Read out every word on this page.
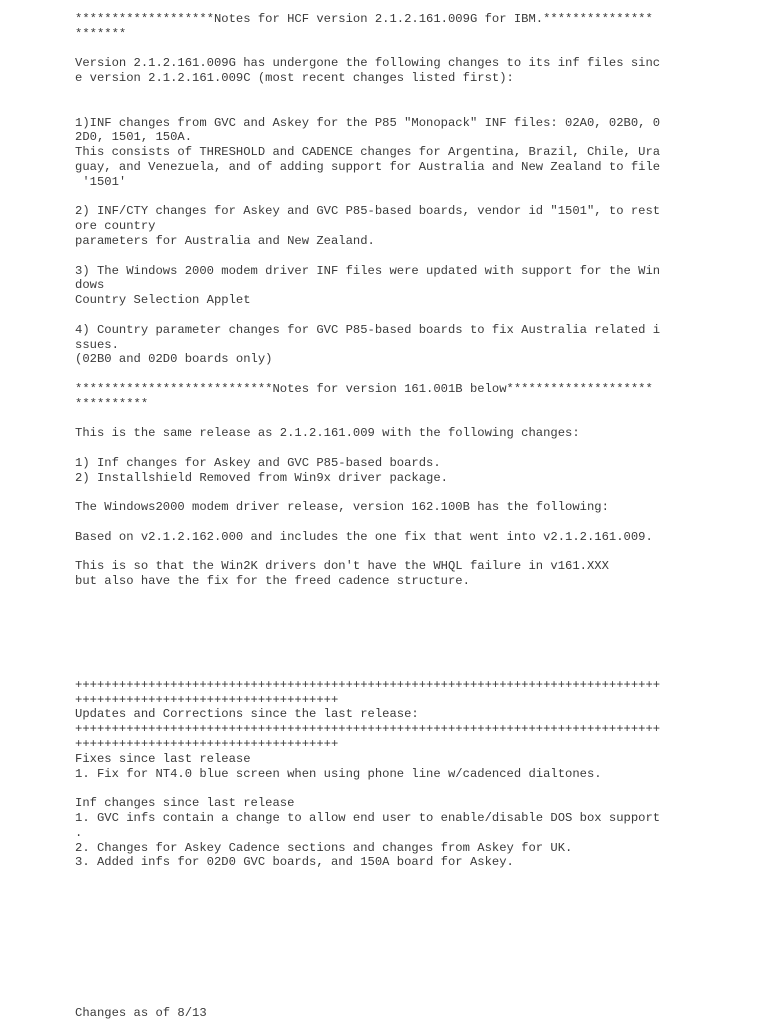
*******************Notes for HCF version 2.1.2.161.009G for IBM.***************
*******
Version 2.1.2.161.009G has undergone the following changes to its inf files sinc
e version 2.1.2.161.009C (most recent changes listed first):
1)INF changes from GVC and Askey for the P85 "Monopack" INF files: 02A0, 02B0, 0
2D0, 1501, 150A.
This consists of THRESHOLD and CADENCE changes for Argentina, Brazil, Chile, Ura
guay, and Venezuela, and of adding support for Australia and New Zealand to file
'1501'
2) INF/CTY changes for Askey and GVC P85-based boards, vendor id "1501", to rest
ore country
parameters for Australia and New Zealand.
3) The Windows 2000 modem driver INF files were updated with support for the Win
dows
Country Selection Applet
4) Country parameter changes for GVC P85-based boards to fix Australia related i
ssues.
(02B0 and 02D0 boards only)
***************************Notes for version 161.001B below********************
**********
This is the same release as 2.1.2.161.009 with the following changes:
1) Inf changes for Askey and GVC P85-based boards.
2) Installshield Removed from Win9x driver package.
The Windows2000 modem driver release, version 162.100B has the following:
Based on v2.1.2.162.000 and includes the one fix that went into v2.1.2.161.009.
This is so that the Win2K drivers don't have the WHQL failure in v161.XXX
but also have the fix for the freed cadence structure.
++++++++++++++++++++++++++++++++++++++++++++++++++++++++++++++++++++++++++++++++
++++++++++++++++++++++++++++++++++++
Updates and Corrections since the last release:
++++++++++++++++++++++++++++++++++++++++++++++++++++++++++++++++++++++++++++++++
++++++++++++++++++++++++++++++++++++
Fixes since last release
1. Fix for NT4.0 blue screen when using phone line w/cadenced dialtones.
Inf changes since last release
1. GVC infs contain a change to allow end user to enable/disable DOS box support
.
2. Changes for Askey Cadence sections and changes from Askey for UK.
3. Added infs for 02D0 GVC boards, and 150A board for Askey.
Changes as of 8/13
